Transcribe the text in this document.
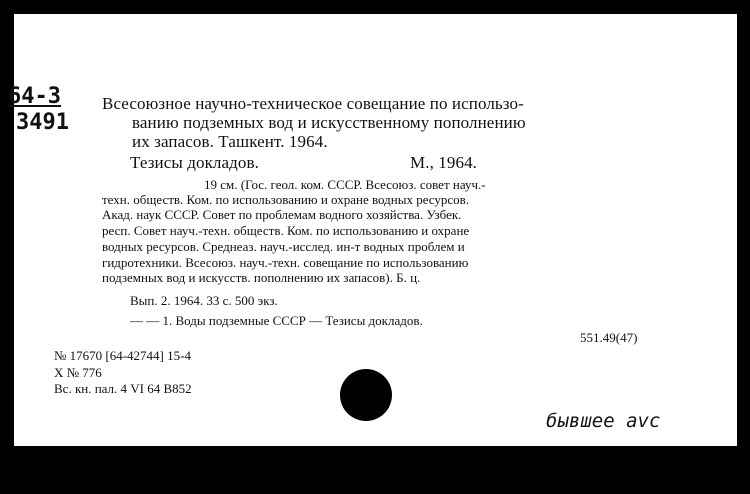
64-3
3491
Всесоюзное научно-техническое совещание по использо-
ванию подземных вод и искусственному пополнению
их запасов. Ташкент. 1964.
Тезисы докладов.	М., 1964.
19 см. (Гос. геол. ком. СССР. Всесоюз. совет науч.-
техн. обществ. Ком. по использованию и охране водных ресурсов.
Акад. наук СССР. Совет по проблемам водного хозяйства. Узбек.
респ. Совет науч.-техн. обществ. Ком. по использованию и охране
водных ресурсов. Среднеаз. науч.-исслед. ин-т водных проблем и
гидротехники. Всесоюз. науч.-техн. совещание по использованию
подземных вод и искусств. пополнению их запасов). Б. ц.
Вып. 2. 1964. 33 с. 500 экз.
— — 1. Воды подземные СССР — Тезисы докладов.
551.49(47)
№ 17670 [64-42744] 15-4
X № 776
Вс. кн. пал. 4 VI 64 B852
бывшее аvс
